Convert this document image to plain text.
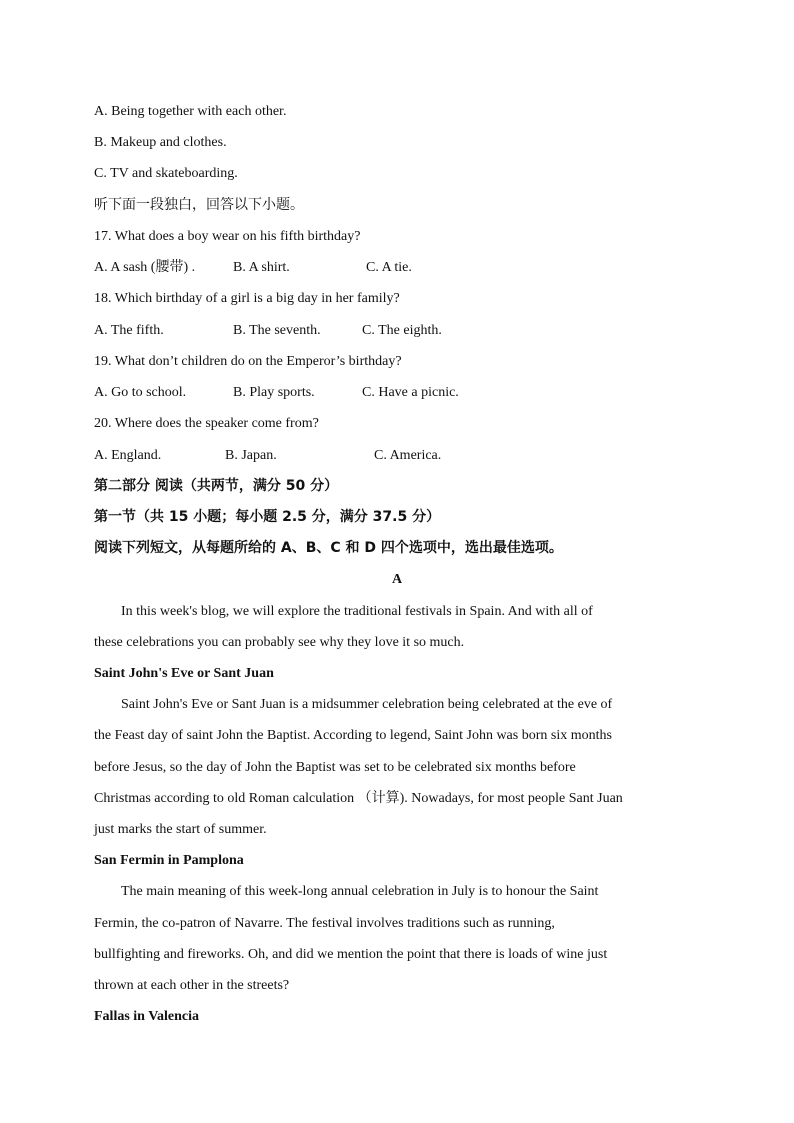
A. Being together with each other.
B. Makeup and clothes.
C. TV and skateboarding.
听下面一段独白，回答以下小题。
17. What does a boy wear on his fifth birthday?
A. A sash (腰带) .	B. A shirt.	C. A tie.
18. Which birthday of a girl is a big day in her family?
A. The fifth.	B. The seventh.	C. The eighth.
19. What don’t children do on the Emperor’s birthday?
A. Go to school.	B. Play sports.	C. Have a picnic.
20. Where does the speaker come from?
A. England.	B. Japan.	C. America.
第二部分 阅读（共两节，满分 50 分）
第一节（共 15 小题；每小题 2.5 分，满分 37.5 分）
阅读下列短文，从每题所给的 A、B、C 和 D 四个选项中，选出最佳选项。
A
In this week's blog, we will explore the traditional festivals in Spain. And with all of
these celebrations you can probably see why they love it so much.
Saint John's Eve or Sant Juan
Saint John's Eve or Sant Juan is a midsummer celebration being celebrated at the eve of
the Feast day of saint John the Baptist. According to legend, Saint John was born six months
before Jesus, so the day of John the Baptist was set to be celebrated six months before
Christmas according to old Roman calculation （计算). Nowadays, for most people Sant Juan
just marks the start of summer.
San Fermin in Pamplona
The main meaning of this week-long annual celebration in July is to honour the Saint
Fermin, the co-patron of Navarre. The festival involves traditions such as running,
bullfighting and fireworks. Oh, and did we mention the point that there is loads of wine just
thrown at each other in the streets?
Fallas in Valencia
